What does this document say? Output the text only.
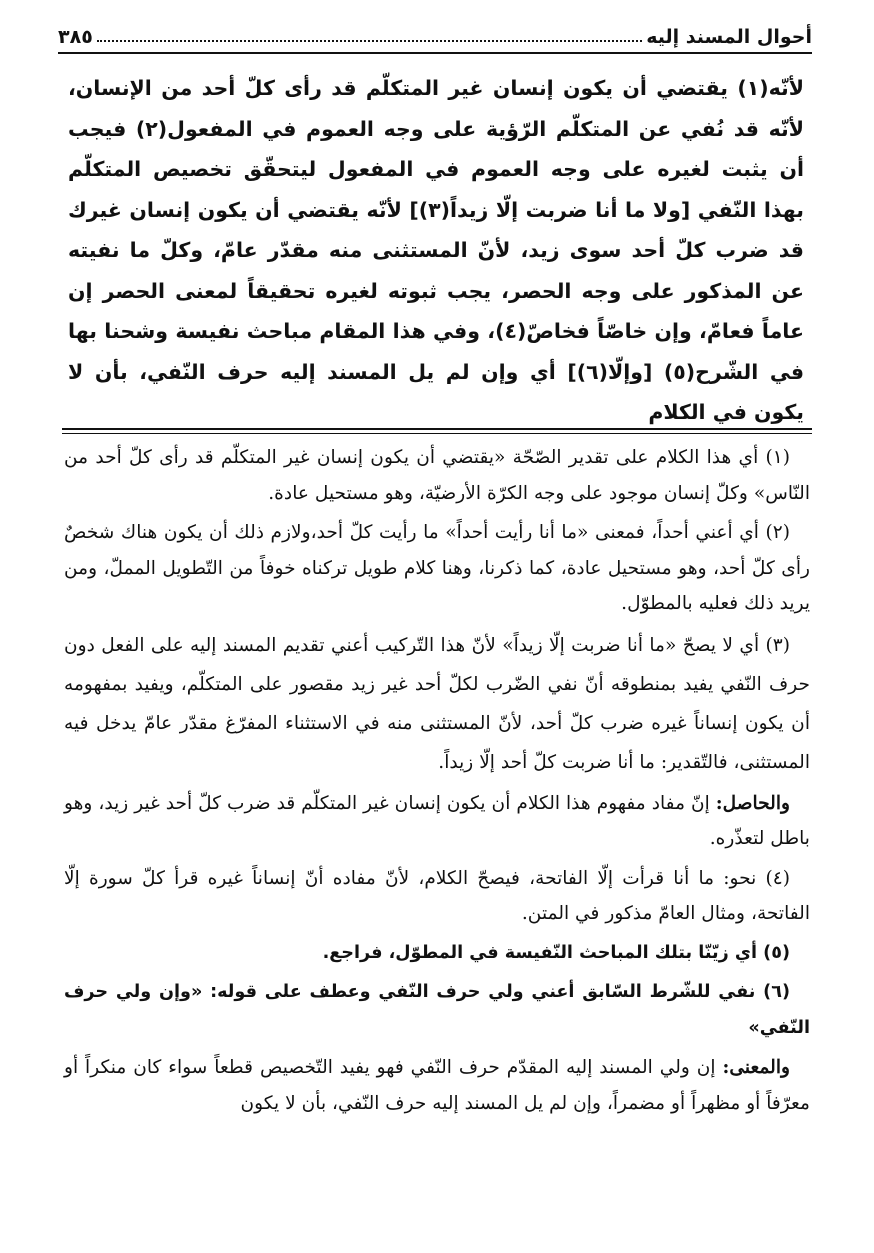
أحوال المسند إليه
٣٨٥

لأنّه(١) يقتضي أن يكون إنسان غير المتكلّم قد رأى كلّ أحد من الإنسان، لأنّه قد نُفي عن المتكلّم الرّؤية على وجه العموم في المفعول(٢) فيجب أن يثبت لغيره على وجه العموم في المفعول ليتحقّق تخصيص المتكلّم بهذا النّفي [ولا ما أنا ضربت إلّا زيداً(٣)] لأنّه يقتضي أن يكون إنسان غيرك قد ضرب كلّ أحد سوى زيد، لأنّ المستثنى منه مقدّر عامّ، وكلّ ما نفيته عن المذكور على وجه الحصر، يجب ثبوته لغيره تحقيقاً لمعنى الحصر إن عاماً فعامّ، وإن خاصّاً فخاصّ(٤)، وفي هذا المقام مباحث نفيسة وشحنا بها في الشّرح(٥) [وإلّا(٦)] أي وإن لم يل المسند إليه حرف النّفي، بأن لا يكون في الكلام

(١) أي هذا الكلام على تقدير الصّحّة «يقتضي أن يكون إنسان غير المتكلّم قد رأى كلّ أحد من النّاس» وكلّ إنسان موجود على وجه الكرّة الأرضيّة، وهو مستحيل عادة.

(٢) أي أعني أحداً، فمعنى «ما أنا رأيت أحداً» ما رأيت كلّ أحد،ولازم ذلك أن يكون هناك شخصٌ رأى كلّ أحد، وهو مستحيل عادة، كما ذكرنا، وهنا كلام طويل تركناه خوفاً من التّطويل المملّ، ومن يريد ذلك فعليه بالمطوّل.

(٣) أي لا يصحّ «ما أنا ضربت إلّا زيداً» لأنّ هذا التّركيب أعني تقديم المسند إليه على الفعل دون حرف النّفي يفيد بمنطوقه أنّ نفي الضّرب لكلّ أحد غير زيد مقصور على المتكلّم، ويفيد بمفهومه أن يكون إنساناً غيره ضرب كلّ أحد، لأنّ المستثنى منه في الاستثناء المفرّغ مقدّر عامّ يدخل فيه المستثنى، فالتّقدير: ما أنا ضربت كلّ أحد إلّا زيداً.

والحاصل: إنّ مفاد مفهوم هذا الكلام أن يكون إنسان غير المتكلّم قد ضرب كلّ أحد غير زيد، وهو باطل لتعذّره.

(٤) نحو: ما أنا قرأت إلّا الفاتحة، فيصحّ الكلام، لأنّ مفاده أنّ إنساناً غيره قرأ كلّ سورة إلّا الفاتحة، ومثال العامّ مذكور في المتن.

(٥) أي زيّنّا بتلك المباحث النّفيسة في المطوّل، فراجع.

(٦) نفي للشّرط السّابق أعني ولي حرف النّفي وعطف على قوله: «وإن ولي حرف النّفي»

والمعنى: إن ولي المسند إليه المقدّم حرف النّفي فهو يفيد التّخصيص قطعاً سواء كان منكراً أو معرّفاً أو مظهراً أو مضمراً، وإن لم يل المسند إليه حرف النّفي، بأن لا يكون
